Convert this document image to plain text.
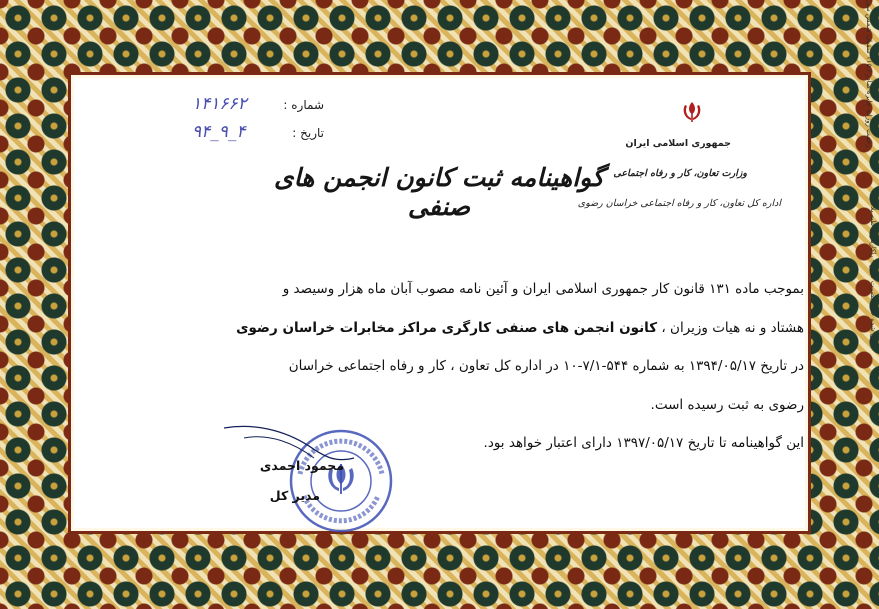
جل شده خانه حضرت فیض - راکاریار ی طیه پلاک
زحمت روزانه جایزه صادر / ۱۱۵ سفیان شمس سی
۱۴۱۶۶۲	شماره :
۹۴_۹_۴	تاریخ :
جمهوری اسلامی ایران
وزارت تعاون، کار و رفاه اجتماعی
اداره کل تعاون، کار و رفاه اجتماعی خراسان رضوی
گواهینامه ثبت کانون انجمن های صنفی

بموجب ماده ۱۳۱ قانون کار جمهوری اسلامی ایران و آئین نامه مصوب آبان ماه هزار وسیصد و

هشتاد و نه هیات وزیران ، کانون انجمن های صنفی کارگری مراکز مخابرات خراسان رضوی

در تاریخ ۱۳۹۴/۰۵/۱۷ به شماره ۵۴۴-۷/۱-۱۰ در اداره کل تعاون ، کار و رفاه اجتماعی خراسان

رضوی به ثبت رسیده است.

این گواهینامه تا تاریخ ۱۳۹۷/۰۵/۱۷ دارای اعتبار خواهد بود.

محمود احمدی
مدیر کل
